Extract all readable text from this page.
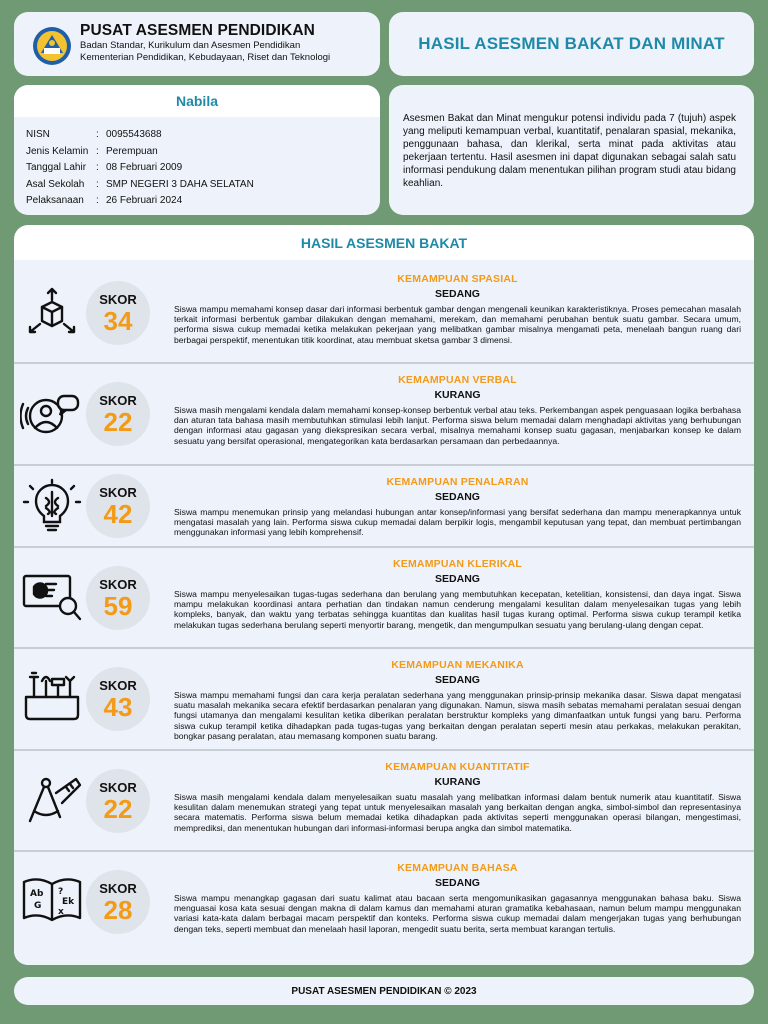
PUSAT ASESMEN PENDIDIKAN
Badan Standar, Kurikulum dan Asesmen Pendidikan
Kementerian Pendidikan, Kebudayaan, Riset dan Teknologi
HASIL ASESMEN BAKAT DAN MINAT
Nabila
NISN	: 0095543688
Jenis Kelamin : Perempuan
Tanggal Lahir : 08 Februari 2009
Asal Sekolah	: SMP NEGERI 3 DAHA SELATAN
Pelaksanaan	: 26 Februari 2024

Asesmen Bakat dan Minat mengukur potensi individu pada 7 (tujuh) aspek yang meliputi kemampuan verbal, kuantitatif, penalaran spasial, mekanika, penggunaan bahasa, dan klerikal, serta minat pada aktivitas atau pekerjaan tertentu. Hasil asesmen ini dapat digunakan sebagai salah satu informasi pendukung dalam menentukan pilihan program studi atau bidang keahlian.

HASIL ASESMEN BAKAT
SKOR
34
KEMAMPUAN SPASIAL
SEDANG
Siswa mampu memahami konsep dasar dari informasi berbentuk gambar dengan mengenali keunikan karakteristiknya. Proses pemecahan masalah terkait informasi berbentuk gambar dilakukan dengan memahami, merekam, dan memahami perubahan bentuk suatu gambar. Secara umum, performa siswa cukup memadai ketika melakukan pekerjaan yang melibatkan gambar misalnya mengamati peta, menelaah bangun ruang dari berbagai perspektif, menentukan titik koordinat, atau membuat sketsa gambar 3 dimensi.
SKOR
22
KEMAMPUAN VERBAL
KURANG
Siswa masih mengalami kendala dalam memahami konsep-konsep berbentuk verbal atau teks. Perkembangan aspek penguasaan logika berbahasa dan aturan tata bahasa masih membutuhkan stimulasi lebih lanjut. Performa siswa belum memadai dalam menghadapi aktivitas yang berhubungan dengan informasi atau gagasan yang diekspresikan secara verbal, misalnya memahami konsep suatu gagasan, menjabarkan konsep ke dalam sesuatu yang bersifat operasional, mengategorikan kata berdasarkan persamaan dan perbedaannya.
SKOR
42
KEMAMPUAN PENALARAN
SEDANG
Siswa mampu menemukan prinsip yang melandasi hubungan antar konsep/informasi yang bersifat sederhana dan mampu menerapkannya untuk mengatasi masalah yang lain. Performa siswa cukup memadai dalam berpikir logis, mengambil keputusan yang tepat, dan membuat pertimbangan menggunakan informasi yang lebih komprehensif.
SKOR
59
KEMAMPUAN KLERIKAL
SEDANG
Siswa mampu menyelesaikan tugas-tugas sederhana dan berulang yang membutuhkan kecepatan, ketelitian, konsistensi, dan daya ingat. Siswa mampu melakukan koordinasi antara perhatian dan tindakan namun cenderung mengalami kesulitan dalam menyelesaikan tugas yang lebih kompleks, banyak, dan waktu yang terbatas sehingga kuantitas dan kualitas hasil tugas kurang optimal. Performa siswa cukup terampil ketika melakukan tugas sederhana berulang seperti menyortir barang, mengetik, dan mengumpulkan sesuatu yang berulang-ulang dengan cepat.
SKOR
43
KEMAMPUAN MEKANIKA
SEDANG
Siswa mampu memahami fungsi dan cara kerja peralatan sederhana yang menggunakan prinsip-prinsip mekanika dasar. Siswa dapat mengatasi suatu masalah mekanika secara efektif berdasarkan penalaran yang digunakan. Namun, siswa masih sebatas memahami peralatan sesuai dengan fungsi utamanya dan mengalami kesulitan ketika diberikan peralatan berstruktur kompleks yang dimanfaatkan untuk fungsi yang baru. Performa siswa cukup terampil ketika dihadapkan pada tugas-tugas yang berkaitan dengan peralatan seperti mesin atau perkakas, melakukan perakitan, bongkar pasang peralatan, atau memasang komponen suatu barang.
SKOR
22
KEMAMPUAN KUANTITATIF
KURANG
Siswa masih mengalami kendala dalam menyelesaikan suatu masalah yang melibatkan informasi dalam bentuk numerik atau kuantitatif. Siswa kesulitan dalam menemukan strategi yang tepat untuk menyelesaikan masalah yang berkaitan dengan angka, simbol-simbol dan representasinya secara matematis. Performa siswa belum memadai ketika dihadapkan pada aktivitas seperti menggunakan operasi bilangan, mengestimasi, memprediksi, dan menentukan hubungan dari informasi-informasi berupa angka dan simbol matematika.
Ab
G
?
Ek
x
SKOR
28
KEMAMPUAN BAHASA
SEDANG
Siswa mampu menangkap gagasan dari suatu kalimat atau bacaan serta mengomunikasikan gagasannya menggunakan bahasa baku. Siswa menguasai kosa kata sesuai dengan makna di dalam kamus dan memahami aturan gramatika kebahasaan, namun belum mampu menggunakan variasi kata-kata dalam berbagai macam perspektif dan konteks. Performa siswa cukup memadai dalam mengerjakan tugas yang berhubungan dengan teks, seperti membuat dan menelaah hasil laporan, mengedit suatu berita, serta membuat karangan tertulis.
PUSAT ASESMEN PENDIDIKAN © 2023
